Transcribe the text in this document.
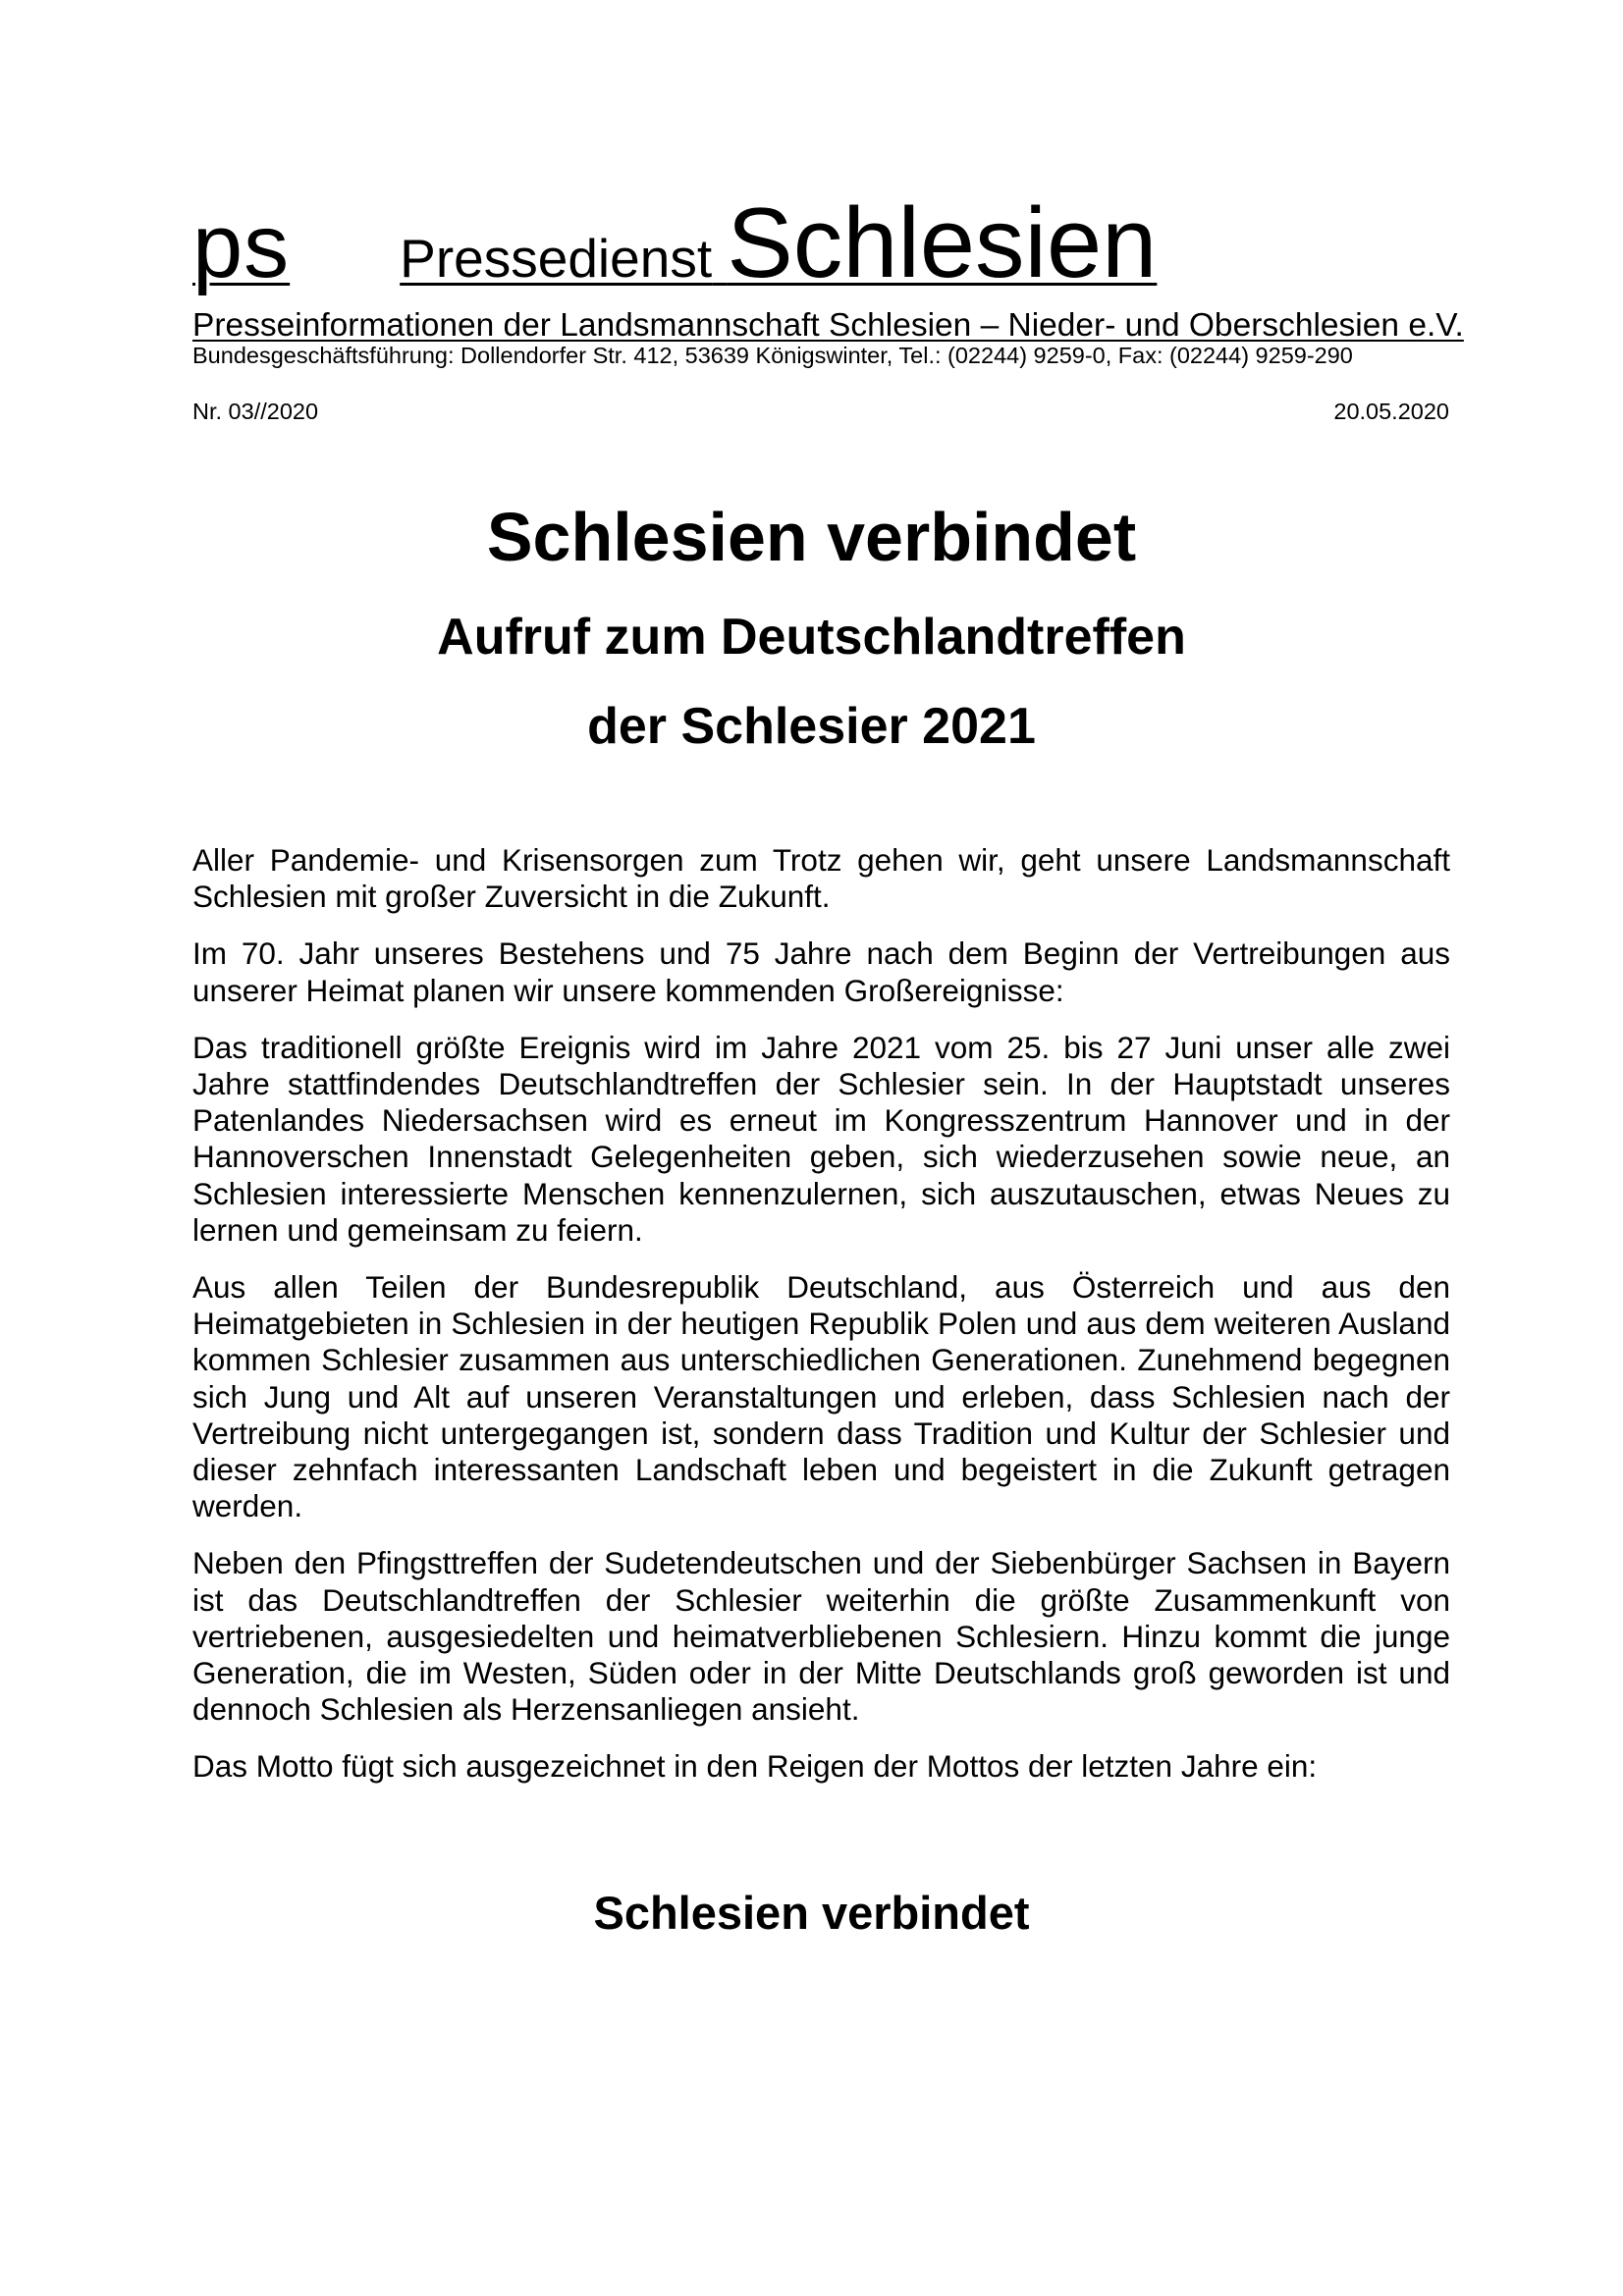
ps Pressedienst Schlesien
Presseinformationen der Landsmannschaft Schlesien – Nieder- und Oberschlesien e.V.
Bundesgeschäftsführung: Dollendorfer Str. 412, 53639 Königswinter, Tel.: (02244) 9259-0, Fax: (02244) 9259-290
Nr. 03//2020	20.05.2020
Schlesien verbindet
Aufruf zum Deutschlandtreffen
der Schlesier 2021

Aller Pandemie- und Krisensorgen zum Trotz gehen wir, geht unsere Landsmannschaft Schlesien mit großer Zuversicht in die Zukunft.

Im 70. Jahr unseres Bestehens und 75 Jahre nach dem Beginn der Vertreibungen aus unserer Heimat planen wir unsere kommenden Großereignisse:

Das traditionell größte Ereignis wird im Jahre 2021 vom 25. bis 27 Juni unser alle zwei Jahre stattfindendes Deutschlandtreffen der Schlesier sein. In der Hauptstadt unseres Patenlandes Niedersachsen wird es erneut im Kongresszentrum Hannover und in der Hannoverschen Innenstadt Gelegenheiten geben, sich wiederzusehen sowie neue, an Schlesien interessierte Menschen kennenzulernen, sich auszutauschen, etwas Neues zu lernen und gemeinsam zu feiern.

Aus allen Teilen der Bundesrepublik Deutschland, aus Österreich und aus den Heimatgebieten in Schlesien in der heutigen Republik Polen und aus dem weiteren Ausland kommen Schlesier zusammen aus unterschiedlichen Generationen. Zunehmend begegnen sich Jung und Alt auf unseren Veranstaltungen und erleben, dass Schlesien nach der Vertreibung nicht untergegangen ist, sondern dass Tradition und Kultur der Schlesier und dieser zehnfach interessanten Landschaft leben und begeistert in die Zukunft getragen werden.

Neben den Pfingsttreffen der Sudetendeutschen und der Siebenbürger Sachsen in Bayern ist das Deutschlandtreffen der Schlesier weiterhin die größte Zusammenkunft von vertriebenen, ausgesiedelten und heimatverbliebenen Schlesiern. Hinzu kommt die junge Generation, die im Westen, Süden oder in der Mitte Deutschlands groß geworden ist und dennoch Schlesien als Herzensanliegen ansieht.

Das Motto fügt sich ausgezeichnet in den Reigen der Mottos der letzten Jahre ein:

Schlesien verbindet
